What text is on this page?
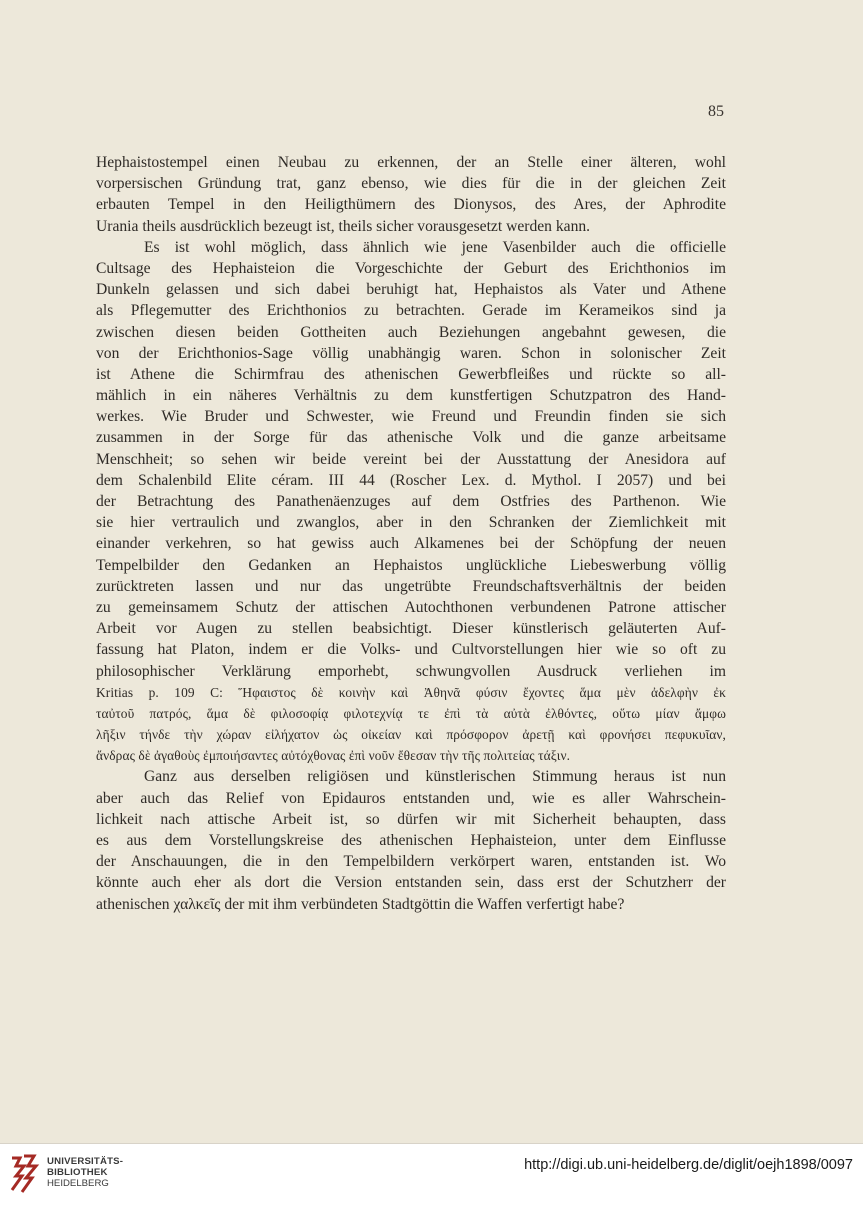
85
Hephaistostempel einen Neubau zu erkennen, der an Stelle einer älteren, wohl
vorpersischen Gründung trat, ganz ebenso, wie dies für die in der gleichen Zeit
erbauten Tempel in den Heiligthümern des Dionysos, des Ares, der Aphrodite
Urania theils ausdrücklich bezeugt ist, theils sicher vorausgesetzt werden kann.
Es ist wohl möglich, dass ähnlich wie jene Vasenbilder auch die officielle
Cultsage des Hephaisteion die Vorgeschichte der Geburt des Erichthonios im
Dunkeln gelassen und sich dabei beruhigt hat, Hephaistos als Vater und Athene
als Pflegemutter des Erichthonios zu betrachten. Gerade im Kerameikos sind ja
zwischen diesen beiden Gottheiten auch Beziehungen angebahnt gewesen, die
von der Erichthonios-Sage völlig unabhängig waren. Schon in solonischer Zeit
ist Athene die Schirmfrau des athenischen Gewerbfleißes und rückte so all-
mählich in ein näheres Verhältnis zu dem kunstfertigen Schutzpatron des Hand-
werkes. Wie Bruder und Schwester, wie Freund und Freundin finden sie sich
zusammen in der Sorge für das athenische Volk und die ganze arbeitsame
Menschheit; so sehen wir beide vereint bei der Ausstattung der Anesidora auf
dem Schalenbild Elite céram. III 44 (Roscher Lex. d. Mythol. I 2057) und bei
der Betrachtung des Panathenäenzuges auf dem Ostfries des Parthenon. Wie
sie hier vertraulich und zwanglos, aber in den Schranken der Ziemlichkeit mit
einander verkehren, so hat gewiss auch Alkamenes bei der Schöpfung der neuen
Tempelbilder den Gedanken an Hephaistos unglückliche Liebeswerbung völlig
zurücktreten lassen und nur das ungetrübte Freundschaftsverhältnis der beiden
zu gemeinsamem Schutz der attischen Autochthonen verbundenen Patrone attischer
Arbeit vor Augen zu stellen beabsichtigt. Dieser künstlerisch geläuterten Auf-
fassung hat Platon, indem er die Volks- und Cultvorstellungen hier wie so oft zu
philosophischer Verklärung emporhebt, schwungvollen Ausdruck verliehen im
Kritias p. 109 C: Ἥφαιστος δὲ κοινὴν καὶ Ἀθηνᾶ φύσιν ἔχοντες ἅμα μὲν ἀδελφὴν ἐκ
ταὐτοῦ πατρός, ἅμα δὲ φιλοσοφίᾳ φιλοτεχνίᾳ τε ἐπὶ τὰ αὐτὰ ἐλθόντες, οὕτω μίαν ἄμφω
λῆξιν τήνδε τὴν χώραν εἰλήχατον ὡς οἰκείαν καὶ πρόσφορον ἀρετῇ καὶ φρονήσει πεφυκυῖαν,
ἄνδρας δὲ ἀγαθοὺς ἐμποιήσαντες αὐτόχθονας ἐπὶ νοῦν ἔθεσαν τὴν τῆς πολιτείας τάξιν.
Ganz aus derselben religiösen und künstlerischen Stimmung heraus ist nun
aber auch das Relief von Epidauros entstanden und, wie es aller Wahrschein-
lichkeit nach attische Arbeit ist, so dürfen wir mit Sicherheit behaupten, dass
es aus dem Vorstellungskreise des athenischen Hephaisteion, unter dem Einflusse
der Anschauungen, die in den Tempelbildern verkörpert waren, entstanden ist. Wo
könnte auch eher als dort die Version entstanden sein, dass erst der Schutzherr der
athenischen χαλκεῖς der mit ihm verbündeten Stadtgöttin die Waffen verfertigt habe?
UNIVERSITÄTS-
BIBLIOTHEK
HEIDELBERG
http://digi.ub.uni-heidelberg.de/diglit/oejh1898/0097
